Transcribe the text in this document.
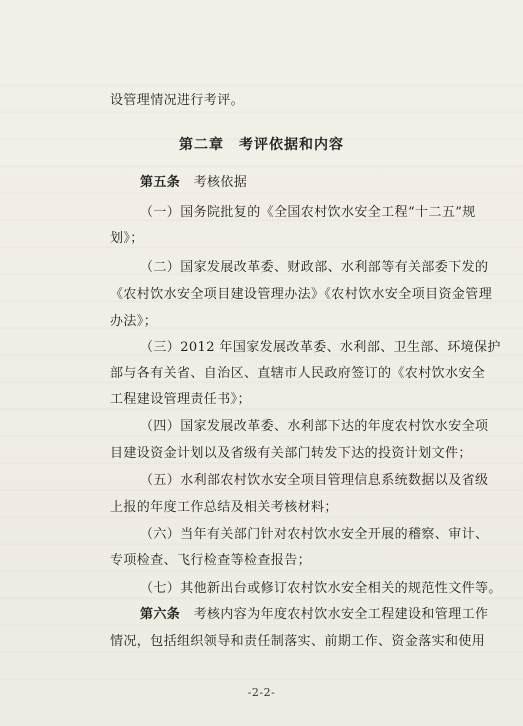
设管理情况进行考评。
第二章　考评依据和内容
第五条　考核依据
（一）国务院批复的《全国农村饮水安全工程“十二五”规
划》；
（二）国家发展改革委、财政部、水利部等有关部委下发的
《农村饮水安全项目建设管理办法》《农村饮水安全项目资金管理
办法》；
（三）2012 年国家发展改革委、水利部、卫生部、环境保护
部与各有关省、自治区、直辖市人民政府签订的《农村饮水安全
工程建设管理责任书》；
（四）国家发展改革委、水利部下达的年度农村饮水安全项
目建设资金计划以及省级有关部门转发下达的投资计划文件；
（五）水利部农村饮水安全项目管理信息系统数据以及省级
上报的年度工作总结及相关考核材料；
（六）当年有关部门针对农村饮水安全开展的稽察、审计、
专项检查、飞行检查等检查报告；
（七）其他新出台或修订农村饮水安全相关的规范性文件等。
第六条　考核内容为年度农村饮水安全工程建设和管理工作
情况，包括组织领导和责任制落实、前期工作、资金落实和使用
-2-2-
